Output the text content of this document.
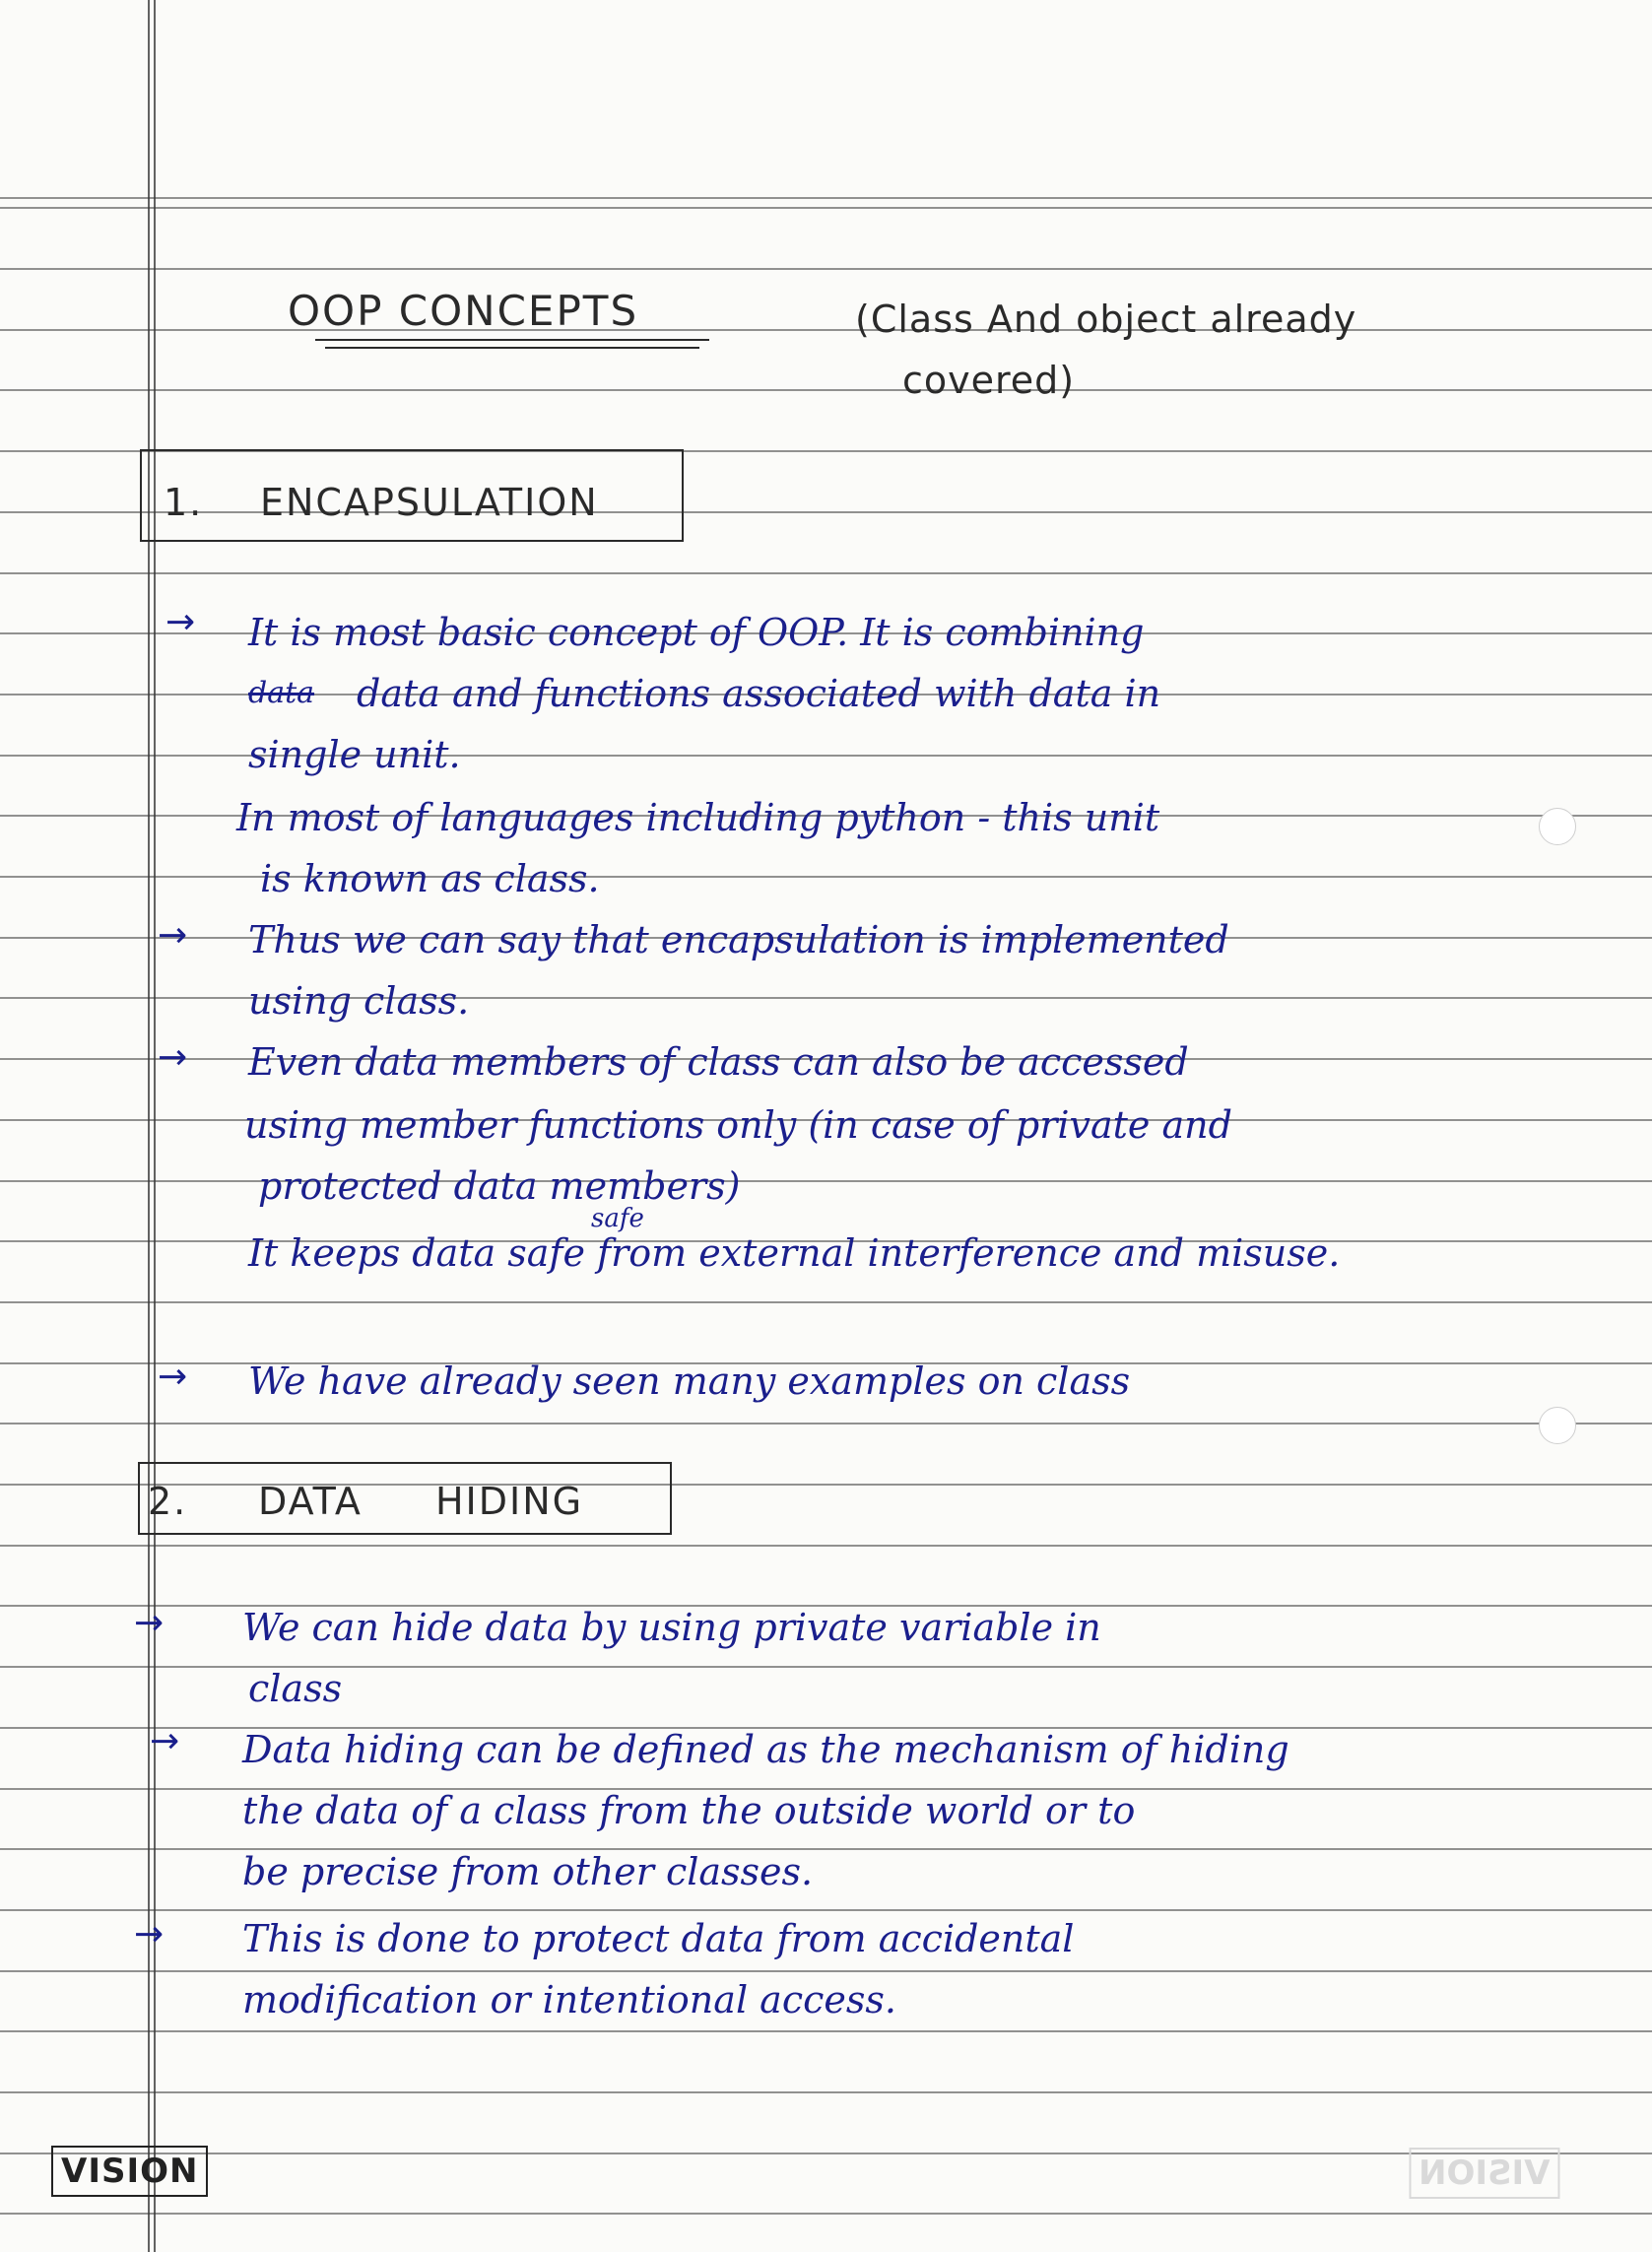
OOP CONCEPTS	(Class And object already
covered)
1. ENCAPSULATION
→ It is most basic concept of OOP. It is combining
data data and functions associated with data in
single unit.
In most of languages including python - this unit
is known as class.
→ Thus we can say that encapsulation is implemented
using class.
→ Even data members of class can also be accessed
using member functions only (in case of private and
protected data members)
safe
It keeps data safe from external interference and misuse.
→ We have already seen many examples on class
2. DATA HIDING
→ We can hide data by using private variable in
class
→ Data hiding can be defined as the mechanism of hiding
the data of a class from the outside world or to
be precise from other classes.
→ This is done to protect data from accidental
modification or intentional access.
VISION	VISION
